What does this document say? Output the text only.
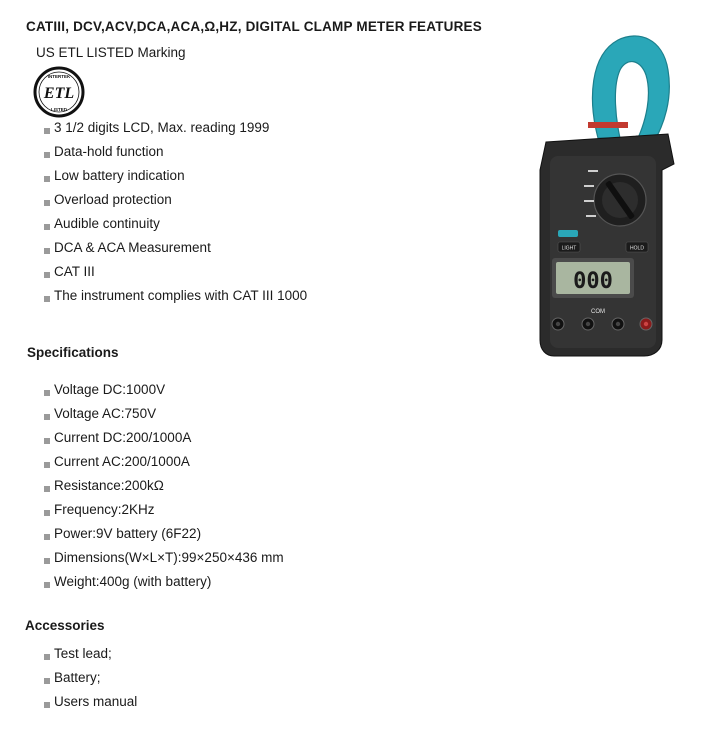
CATIII, DCV,ACV,DCA,ACA,Ω,HZ, DIGITAL CLAMP METER FEATURES
US ETL LISTED Marking
INTERTEK
ETL
LISTED
3 1/2 digits LCD, Max. reading 1999
Data-hold function
Low battery indication
Overload protection
Audible continuity
DCA & ACA Measurement
CAT III
The instrument complies with CAT III 1000
Specifications
Voltage DC:1000V
Voltage AC:750V
Current DC:200/1000A
Current AC:200/1000A
Resistance:200kΩ
Frequency:2KHz
Power:9V battery (6F22)
Dimensions(W×L×T):99×250×436 mm
Weight:400g (with battery)
Accessories
Test lead;
Battery;
Users manual
LIGHT	HOLD
000
COM
